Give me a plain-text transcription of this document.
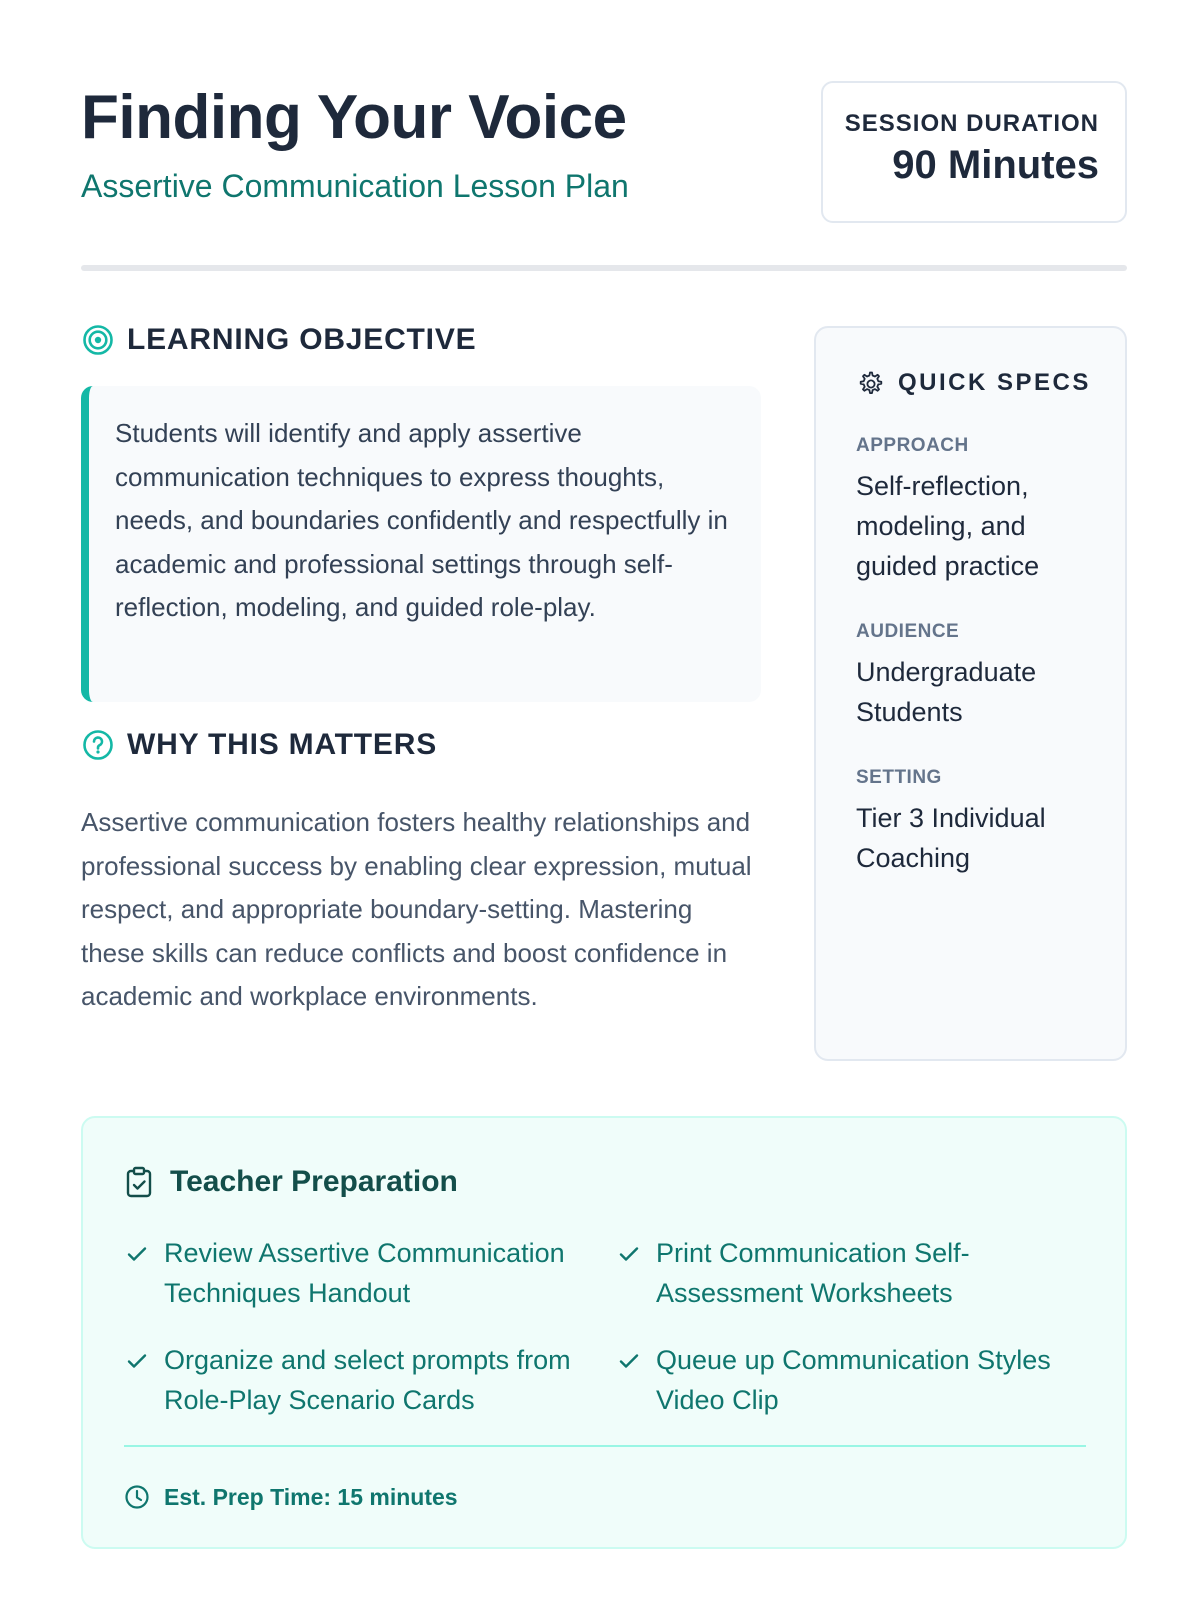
Finding Your Voice
Assertive Communication Lesson Plan
SESSION DURATION
90 Minutes
LEARNING OBJECTIVE
Students will identify and apply assertive communication techniques to express thoughts, needs, and boundaries confidently and respectfully in academic and professional settings through self-reflection, modeling, and guided role-play.
WHY THIS MATTERS
Assertive communication fosters healthy relationships and professional success by enabling clear expression, mutual respect, and appropriate boundary-setting. Mastering these skills can reduce conflicts and boost confidence in academic and workplace environments.
QUICK SPECS
APPROACH
Self-reflection, modeling, and guided practice
AUDIENCE
Undergraduate Students
SETTING
Tier 3 Individual Coaching
Teacher Preparation
Review Assertive Communication Techniques Handout
Print Communication Self-Assessment Worksheets
Organize and select prompts from Role-Play Scenario Cards
Queue up Communication Styles Video Clip
Est. Prep Time: 15 minutes
